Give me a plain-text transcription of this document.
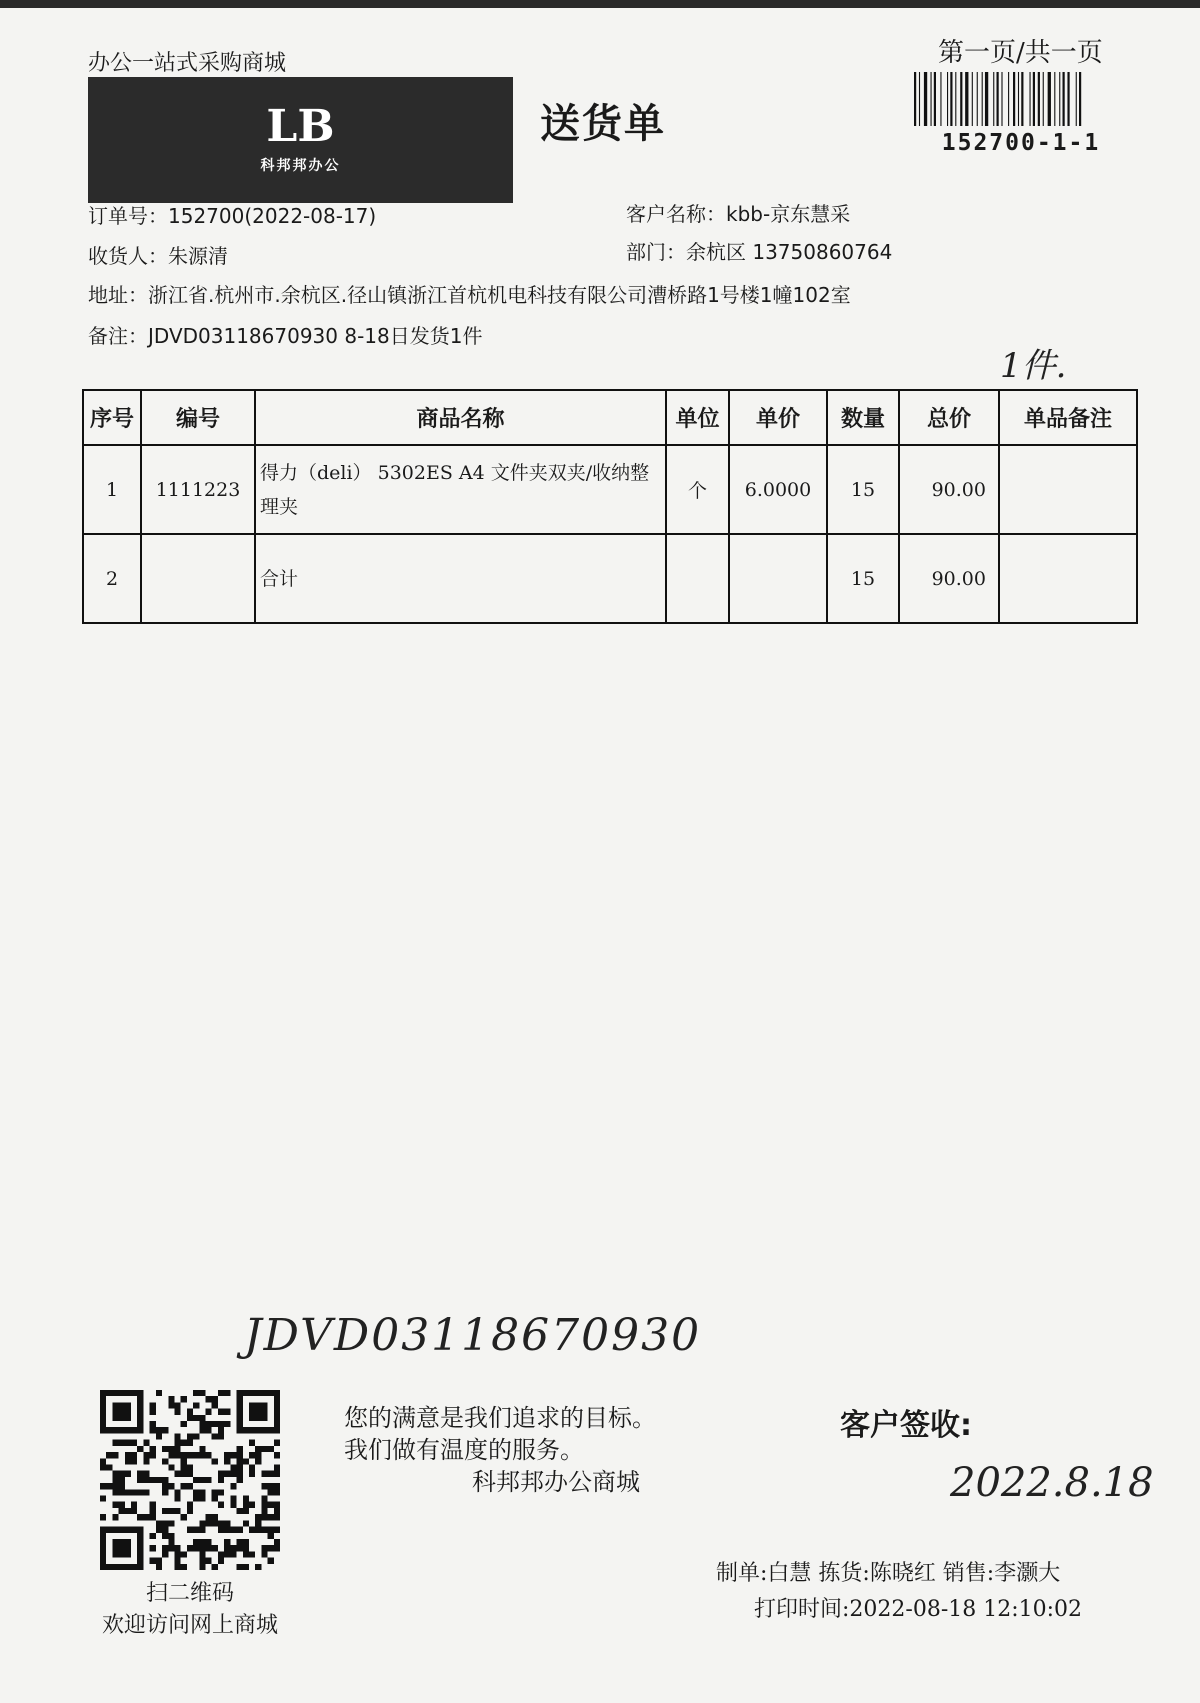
办公一站式采购商城
LB
科邦邦办公
送货单
第一页/共一页
152700-1-1
订单号：152700(2022-08-17)
收货人：朱源清
客户名称：kbb-京东慧采
部门：余杭区 13750860764
地址：浙江省.杭州市.余杭区.径山镇浙江首杭机电科技有限公司漕桥路1号楼1幢102室
备注：JDVD03118670930 8-18日发货1件
1件.
序号	编号	商品名称	单位	单价	数量	总价	单品备注
1	1111223	得力（deli） 5302ES A4 文件夹双夹/收纳整理夹	个	6.0000	15	90.00	
2		合计			15	90.00	
JDVD03118670930
扫二维码
欢迎访问网上商城
您的满意是我们追求的目标。
我们做有温度的服务。
科邦邦办公商城
客户签收:
2022.8.18
制单:白慧 拣货:陈晓红 销售:李灏大
打印时间:2022-08-18 12:10:02
